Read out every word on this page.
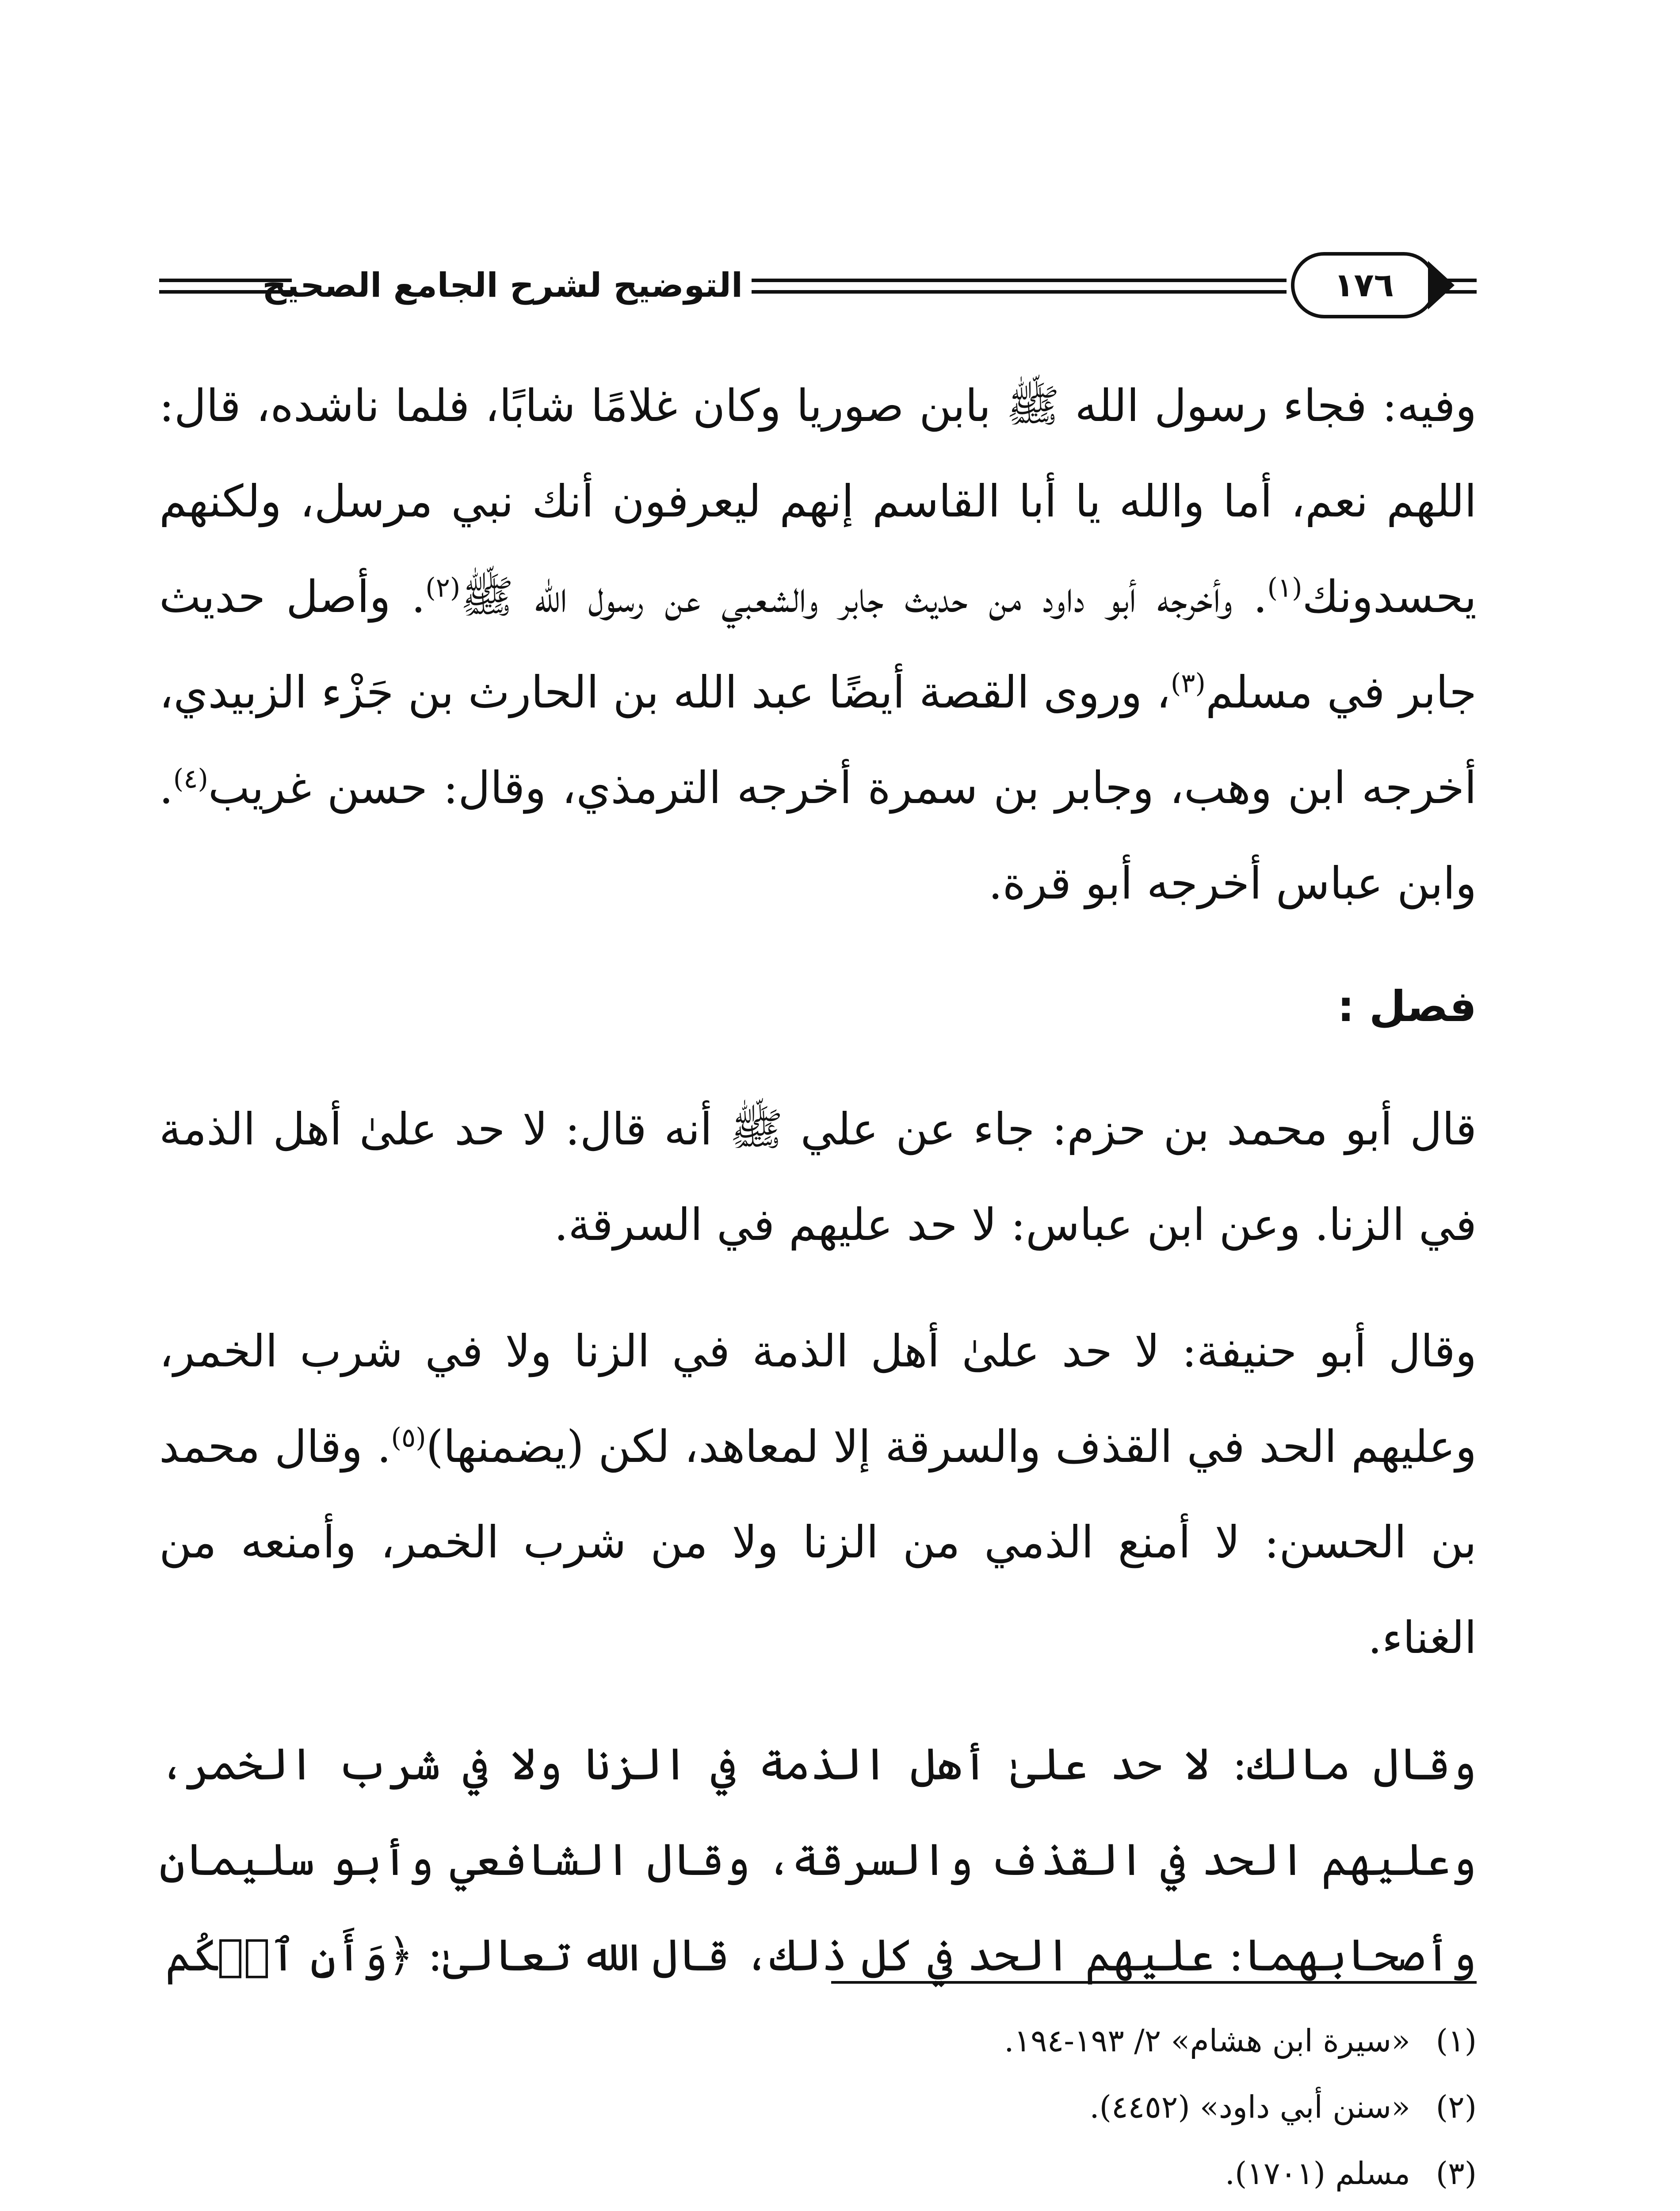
التوضيح لشرح الجامع الصحيح	١٧٦

وفيه: فجاء رسول الله ﷺ بابن صوريا وكان غلامًا شابًا، فلما ناشده، قال: اللهم نعم، أما والله يا أبا القاسم إنهم ليعرفون أنك نبي مرسل، ولكنهم يحسدونك$^{(١)}$. وأخرجه أبو داود من حديث جابر والشعبي عن رسول الله ﷺ$^{(٢)}$. وأصل حديث جابر في مسلم$^{(٣)}$، وروى القصة أيضًا عبد الله بن الحارث بن جَزْء الزبيدي، أخرجه ابن وهب، وجابر بن سمرة أخرجه الترمذي، وقال: حسن غريب$^{(٤)}$. وابن عباس أخرجه أبو قرة.

فصل :

قال أبو محمد بن حزم: جاء عن علي ﷺ أنه قال: لا حد علىٰ أهل الذمة في الزنا. وعن ابن عباس: لا حد عليهم في السرقة.

وقال أبو حنيفة: لا حد علىٰ أهل الذمة في الزنا ولا في شرب الخمر، وعليهم الحد في القذف والسرقة إلا لمعاهد، لكن (يضمنها)$^{(٥)}$. وقال محمد بن الحسن: لا أمنع الذمي من الزنا ولا من شرب الخمر، وأمنعه من الغناء.

وقال مالك: لا حد علىٰ أهل الذمة في الزنا ولا في شرب الخمر، وعليهم الحد في القذف والسرقة، وقال الشافعي وأبو سليمان وأصحابهما: عليهم الحد في كل ذلك، قال الله تعالىٰ: ﴿وَأَنِ ٱحۡكُم

(١)
«سيرة ابن هشام» ٢/ ١٩٣-١٩٤.
(٢)
«سنن أبي داود» (٤٤٥٢).
(٣)
مسلم (١٧٠١).
